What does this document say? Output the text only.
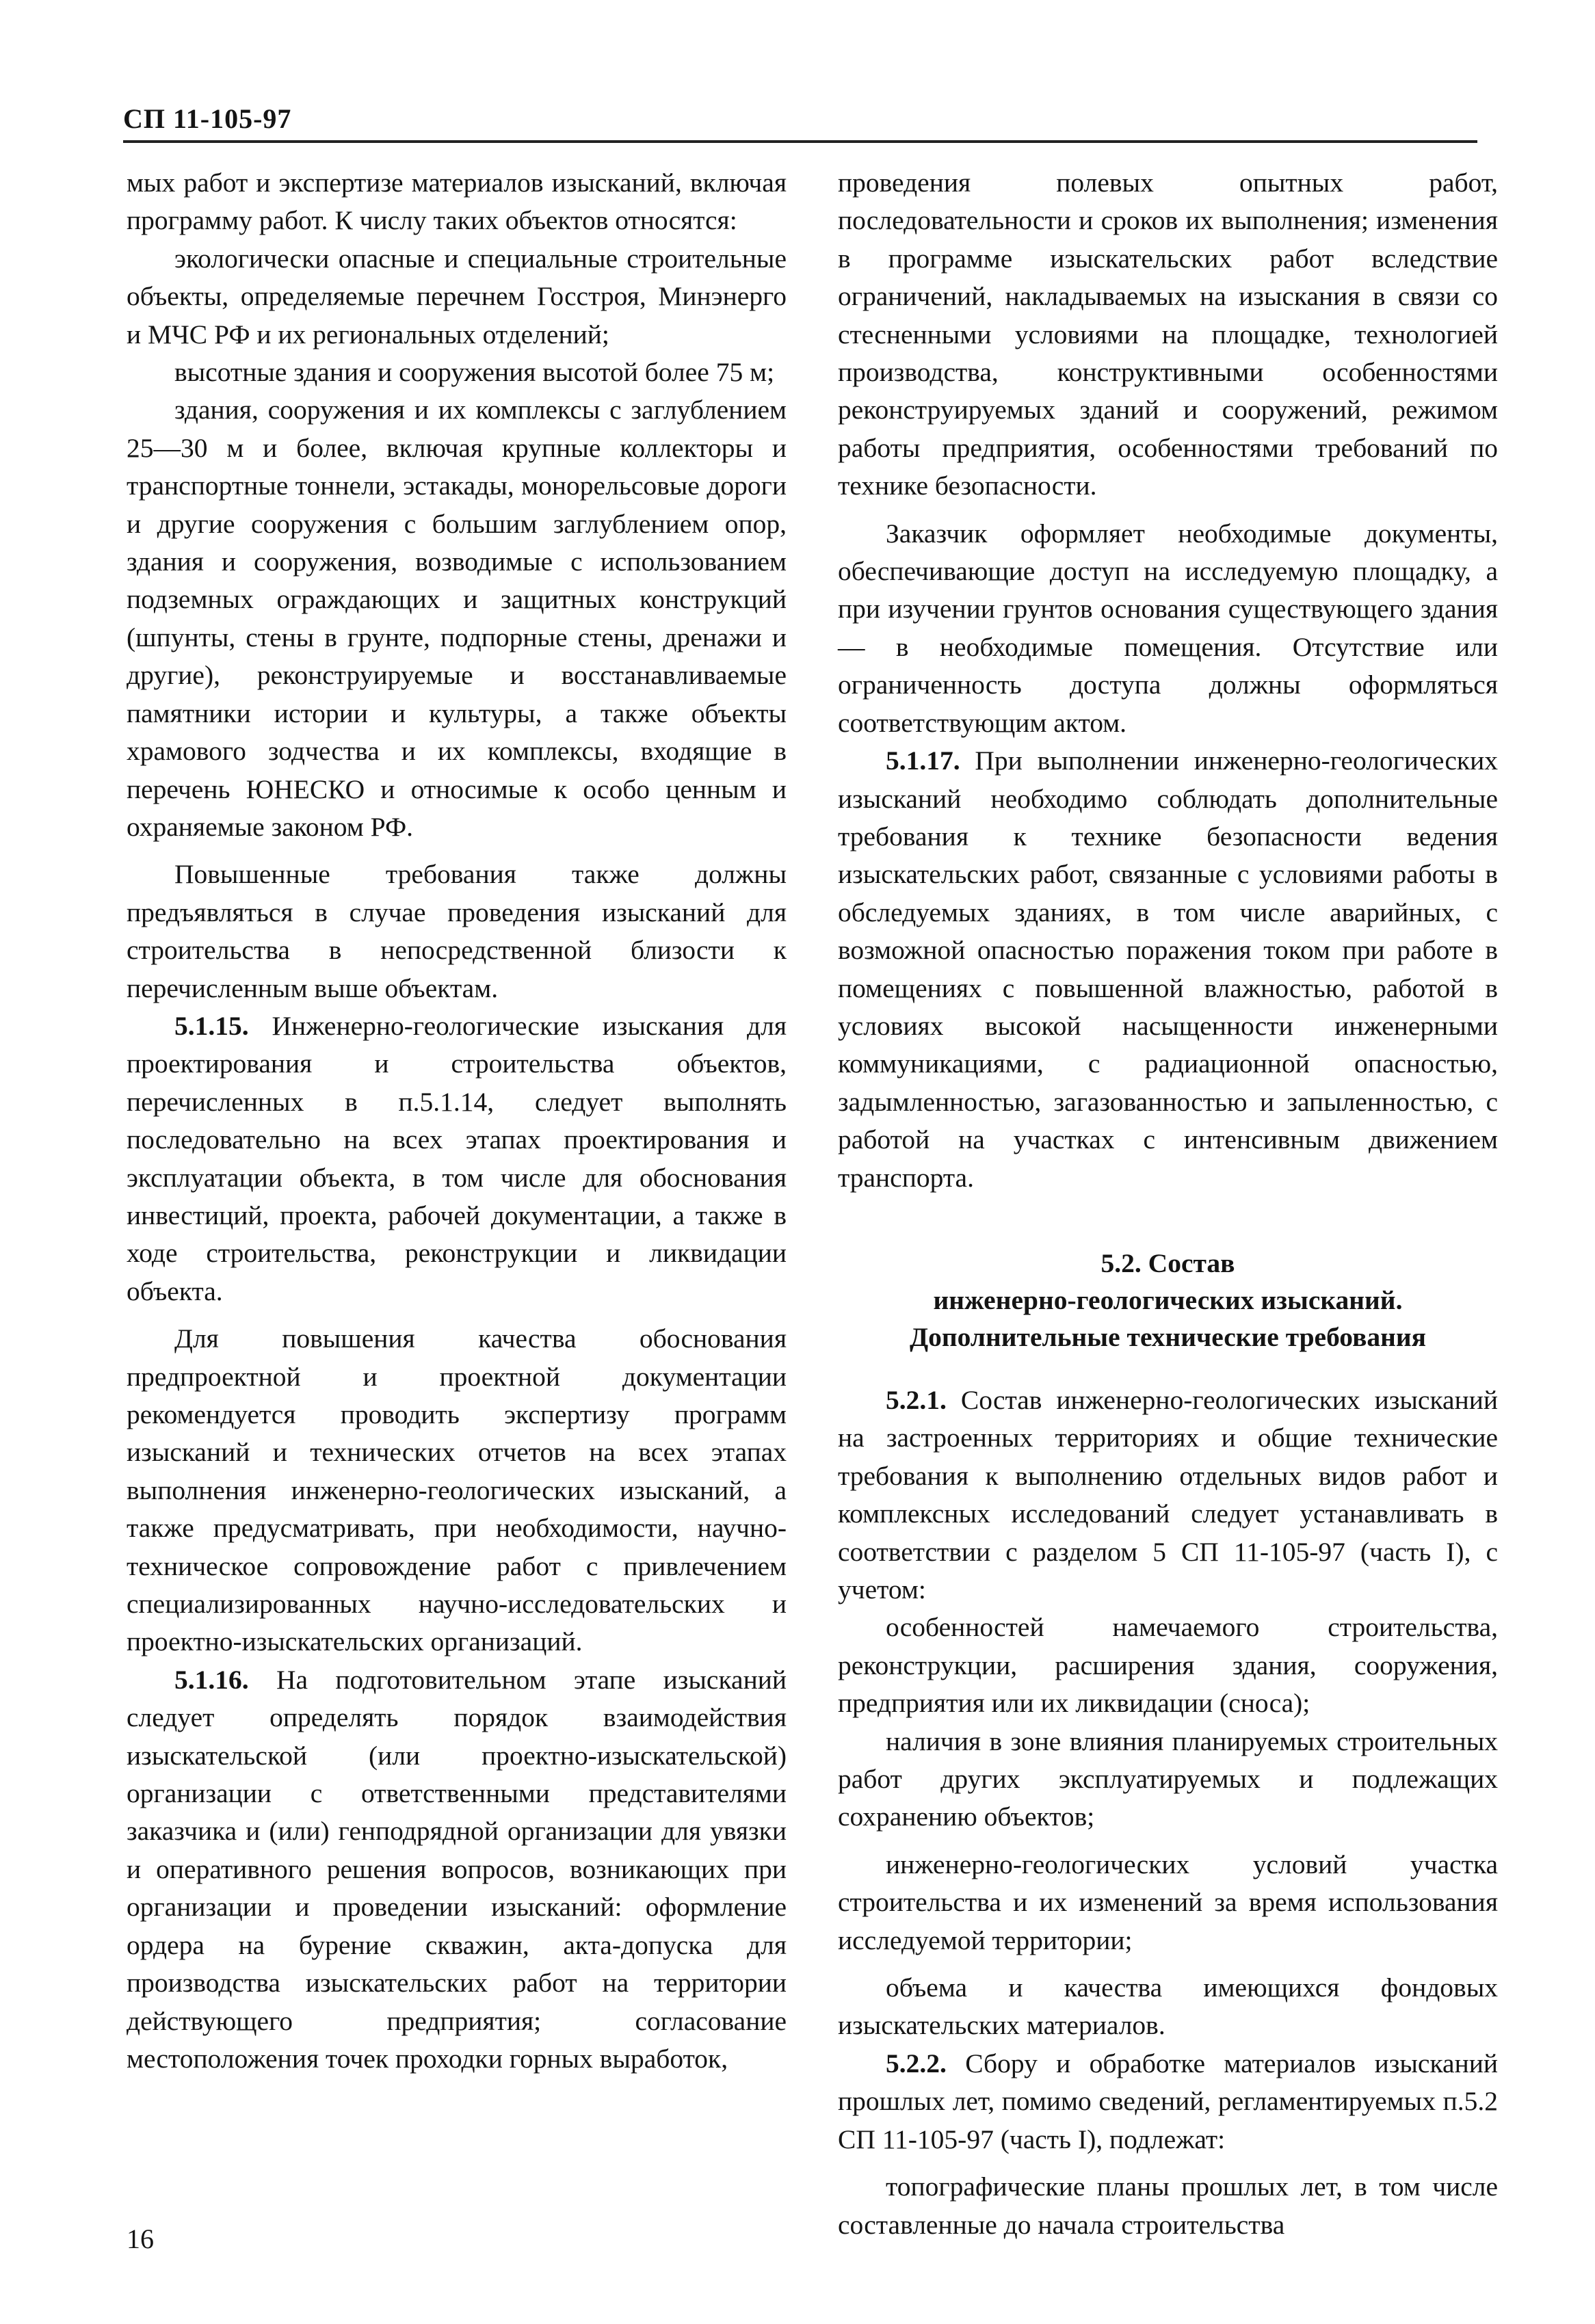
СП 11-105-97

мых работ и экспертизе материалов изысканий, включая программу работ. К числу таких объектов относятся:

экологически опасные и специальные строительные объекты, определяемые перечнем Госстроя, Минэнерго и МЧС РФ и их региональных отделений;

высотные здания и сооружения высотой более 75 м;

здания, сооружения и их комплексы с заглублением 25—30 м и более, включая крупные коллекторы и транспортные тоннели, эстакады, монорельсовые дороги и другие сооружения с большим заглублением опор, здания и сооружения, возводимые с использованием подземных ограждающих и защитных конструкций (шпунты, стены в грунте, подпорные стены, дренажи и другие), реконструируемые и восстанавливаемые памятники истории и культуры, а также объекты храмового зодчества и их комплексы, входящие в перечень ЮНЕСКО и относимые к особо ценным и охраняемые законом РФ.

Повышенные требования также должны предъявляться в случае проведения изысканий для строительства в непосредственной близости к перечисленным выше объектам.

5.1.15. Инженерно-геологические изыскания для проектирования и строительства объектов, перечисленных в п.5.1.14, следует выполнять последовательно на всех этапах проектирования и эксплуатации объекта, в том числе для обоснования инвестиций, проекта, рабочей документации, а также в ходе строительства, реконструкции и ликвидации объекта.

Для повышения качества обоснования предпроектной и проектной документации рекомендуется проводить экспертизу программ изысканий и технических отчетов на всех этапах выполнения инженерно-геологических изысканий, а также предусматривать, при необходимости, научно-техническое сопровождение работ с привлечением специализированных научно-исследовательских и проектно-изыскательских организаций.

5.1.16. На подготовительном этапе изысканий следует определять порядок взаимодействия изыскательской (или проектно-изыскательской) организации с ответственными представителями заказчика и (или) генподрядной организации для увязки и оперативного решения вопросов, возникающих при организации и проведении изысканий: оформление ордера на бурение скважин, акта-допуска для производства изыскательских работ на территории действующего предприятия; согласование местоположения точек проходки горных выработок,

проведения полевых опытных работ, последовательности и сроков их выполнения; изменения в программе изыскательских работ вследствие ограничений, накладываемых на изыскания в связи со стесненными условиями на площадке, технологией производства, конструктивными особенностями реконструируемых зданий и сооружений, режимом работы предприятия, особенностями требований по технике безопасности.

Заказчик оформляет необходимые документы, обеспечивающие доступ на исследуемую площадку, а при изучении грунтов основания существующего здания — в необходимые помещения. Отсутствие или ограниченность доступа должны оформляться соответствующим актом.

5.1.17. При выполнении инженерно-геологических изысканий необходимо соблюдать дополнительные требования к технике безопасности ведения изыскательских работ, связанные с условиями работы в обследуемых зданиях, в том числе аварийных, с возможной опасностью поражения током при работе в помещениях с повышенной влажностью, работой в условиях высокой насыщенности инженерными коммуникациями, с радиационной опасностью, задымленностью, загазованностью и запыленностью, с работой на участках с интенсивным движением транспорта.

5.2. Состав
инженерно-геологических изысканий.
Дополнительные технические требования

5.2.1. Состав инженерно-геологических изысканий на застроенных территориях и общие технические требования к выполнению отдельных видов работ и комплексных исследований следует устанавливать в соответствии с разделом 5 СП 11-105-97 (часть I), с учетом:

особенностей намечаемого строительства, реконструкции, расширения здания, сооружения, предприятия или их ликвидации (сноса);

наличия в зоне влияния планируемых строительных работ других эксплуатируемых и подлежащих сохранению объектов;

инженерно-геологических условий участка строительства и их изменений за время использования исследуемой территории;

объема и качества имеющихся фондовых изыскательских материалов.

5.2.2. Сбору и обработке материалов изысканий прошлых лет, помимо сведений, регламентируемых п.5.2 СП 11-105-97 (часть I), подлежат:

топографические планы прошлых лет, в том числе составленные до начала строительства

16
